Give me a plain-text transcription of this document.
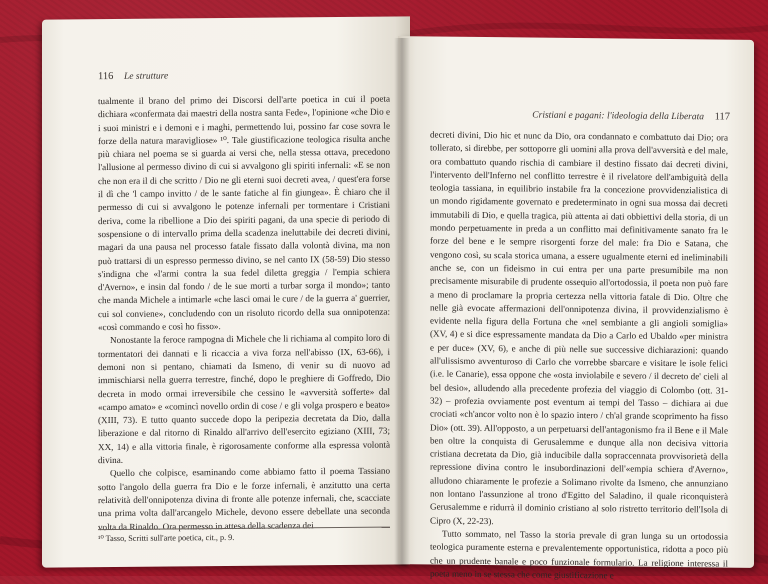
116 Le strutture

tualmente il brano del primo dei Discorsi dell'arte poetica in cui il poeta dichiara «confermata dai maestri della nostra santa Fede», l'opinione «che Dio e i suoi ministri e i demoni e i maghi, permettendo lui, possino far cose sovra le forze della natura maravigliose» ¹⁰. Tale giustificazione teologica risulta anche più chiara nel poema se si guarda ai versi che, nella stessa ottava, precedono l'allusione al permesso divino di cui si avvalgono gli spiriti infernali: «E se non che non era il di che scritto / Dio ne gli eterni suoi decreti avea, / quest'era forse il dì che 'l campo invitto / de le sante fatiche al fin giungea». È chiaro che il permesso di cui si avvalgono le potenze infernali per tormentare i Cristiani deriva, come la ribellione a Dio dei spiriti pagani, da una specie di periodo di sospensione o di intervallo prima della scadenza ineluttabile dei decreti divini, magari da una pausa nel processo fatale fissato dalla volontà divina, ma non può trattarsi di un espresso permesso divino, se nel canto IX (58-59) Dio stesso s'indigna che «l'armi contra la sua fedel diletta greggia / l'empia schiera d'Averno», e insin dal fondo / de le sue morti a turbar sorga il mondo»; tanto che manda Michele a intimarle «che lasci omai le cure / de la guerra a' guerrier, cui sol conviene», concludendo con un risoluto ricordo della sua onnipotenza: «così commando e così ho fisso».

Nonostante la feroce rampogna di Michele che li richiama al compito loro di tormentatori dei dannati e li ricaccia a viva forza nell'abisso (IX, 63-66), i demoni non si pentano, chiamati da Ismeno, di venir su di nuovo ad immischiarsi nella guerra terrestre, finché, dopo le preghiere di Goffredo, Dio decreta in modo ormai irreversibile che cessino le «avversità sofferte» dal «campo amato» e «comincì novello ordin di cose / e gli volga prospero e beato» (XIII, 73). E tutto quanto succede dopo la peripezia decretata da Dio, dalla liberazione e dal ritorno di Rinaldo all'arrivo dell'esercito egiziano (XIII, 73; XX, 14) e alla vittoria finale, è rigorosamente conforme alla espressa volontà divina.

Quello che colpisce, esaminando come abbiamo fatto il poema Tassiano sotto l'angolo della guerra fra Dio e le forze infernali, è anzitutto una certa relatività dell'onnipotenza divina di fronte alle potenze infernali, che, scacciate una prima volta dall'arcangelo Michele, devono essere debellate una seconda volta da Rinaldo. Ora permesso in attesa della scadenza dei

¹⁰ Tasso, Scritti sull'arte poetica, cit., p. 9.
Cristiani e pagani: l'ideologia della Liberata 117

decreti divini, Dio hic et nunc da Dio, ora condannato e combattuto dai Dio; ora tollerato, si direbbe, per sottoporre gli uomini alla prova dell'avversità e del male, ora combattuto quando rischia di cambiare il destino fissato dai decreti divini, l'intervento dell'Inferno nel conflitto terrestre è il rivelatore dell'ambiguità della teologia tassiana, in equilibrio instabile fra la concezione provvidenzialistica di un mondo rigidamente governato e predeterminato in ogni sua mossa dai decreti immutabili di Dio, e quella tragica, più attenta ai dati obbiettivi della storia, di un mondo perpetuamente in preda a un conflitto mai definitivamente sanato fra le forze del bene e le sempre risorgenti forze del male: fra Dio e Satana, che vengono così, su scala storica umana, a essere ugualmente eterni ed ineliminabili anche se, con un fideismo in cui entra per una parte presumibile ma non precisamente misurabile di prudente ossequio all'ortodossia, il poeta non può fare a meno di proclamare la propria certezza nella vittoria fatale di Dio. Oltre che nelle già evocate affermazioni dell'onnipotenza divina, il provvidenzialismo è evidente nella figura della Fortuna che «nel sembiante a gli angioli somiglia» (XV, 4) e si dice espressamente mandata da Dio a Carlo ed Ubaldo «per ministra e per duce» (XV, 6), e anche di più nelle sue successive dichiarazioni: quando all'ulissismo avventuroso di Carlo che vorrebbe sbarcare e visitare le isole felici (i.e. le Canarie), essa oppone che «osta inviolabile e severo / il decreto de' cieli al bel desio», alludendo alla precedente profezia del viaggio di Colombo (ott. 31-32) – profezia ovviamente post eventum ai tempi del Tasso – dichiara ai due crociati «ch'ancor volto non è lo spazio intero / ch'al grande scoprimento ha fisso Dio» (ott. 39). All'opposto, a un perpetuarsi dell'antagonismo fra il Bene e il Male ben oltre la conquista di Gerusalemme e dunque alla non decisiva vittoria cristiana decretata da Dio, già inducibile dalla sopraccennata provvisorietà della repressione divina contro le insubordinazioni dell'«empia schiera d'Averno», alludono chiaramente le profezie a Solimano rivolte da Ismeno, che annunziano non lontano l'assunzione al trono d'Egitto del Saladino, il quale riconquisterà Gerusalemme e ridurrà il dominio cristiano al solo ristretto territorio dell'Isola di Cipro (X, 22-23).

Tutto sommato, nel Tasso la storia prevale di gran lunga su un ortodossia teologica puramente esterna e prevalentemente opportunistica, ridotta a poco più che un prudente banale e poco funzionale formulario. La religione interessa il poeta meno in se stessa che come giustificazione e
